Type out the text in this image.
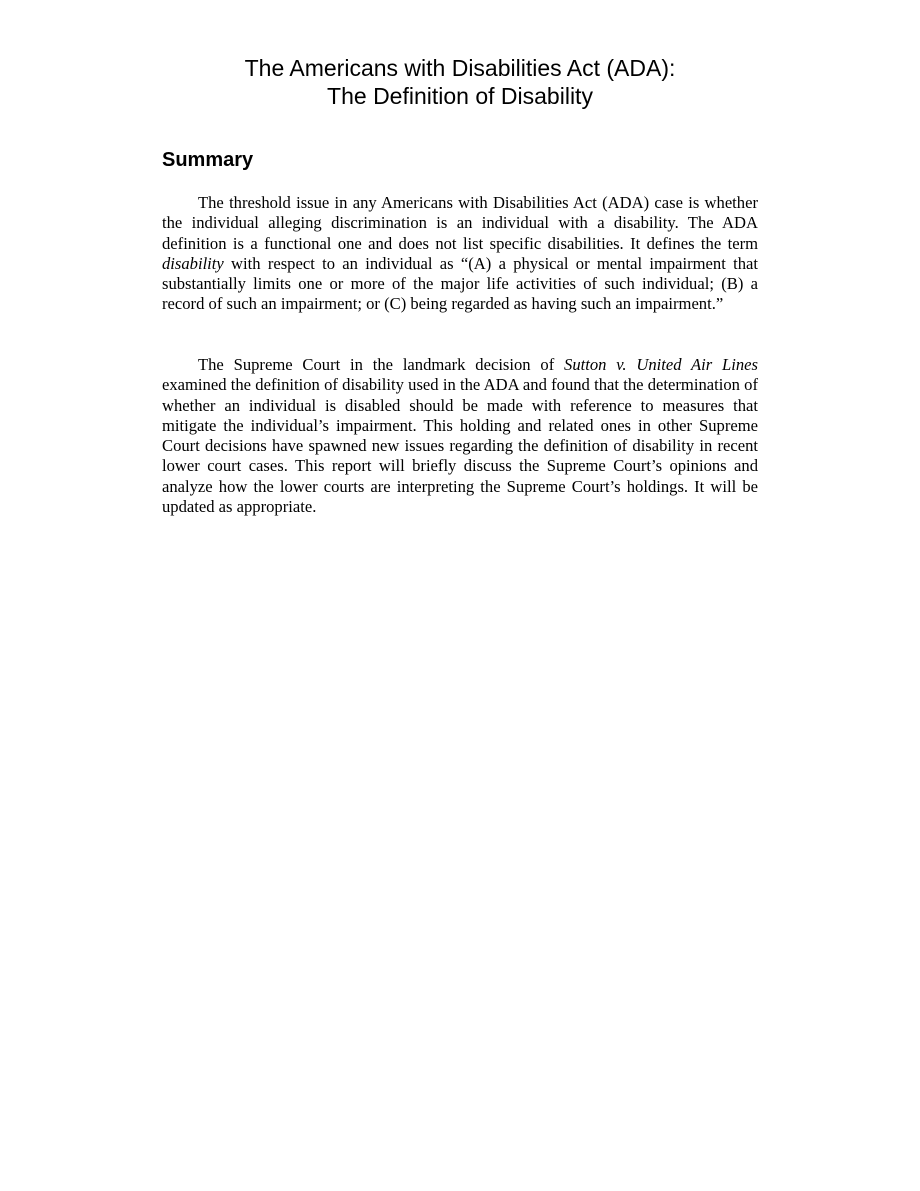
The Americans with Disabilities Act (ADA):
The Definition of Disability
Summary

The threshold issue in any Americans with Disabilities Act (ADA) case is whether the individual alleging discrimination is an individual with a disability. The ADA definition is a functional one and does not list specific disabilities. It defines the term disability with respect to an individual as “(A) a physical or mental impairment that substantially limits one or more of the major life activities of such individual; (B) a record of such an impairment; or (C) being regarded as having such an impairment.”

The Supreme Court in the landmark decision of Sutton v. United Air Lines examined the definition of disability used in the ADA and found that the determination of whether an individual is disabled should be made with reference to measures that mitigate the individual’s impairment. This holding and related ones in other Supreme Court decisions have spawned new issues regarding the definition of disability in recent lower court cases. This report will briefly discuss the Supreme Court’s opinions and analyze how the lower courts are interpreting the Supreme Court’s holdings. It will be updated as appropriate.
